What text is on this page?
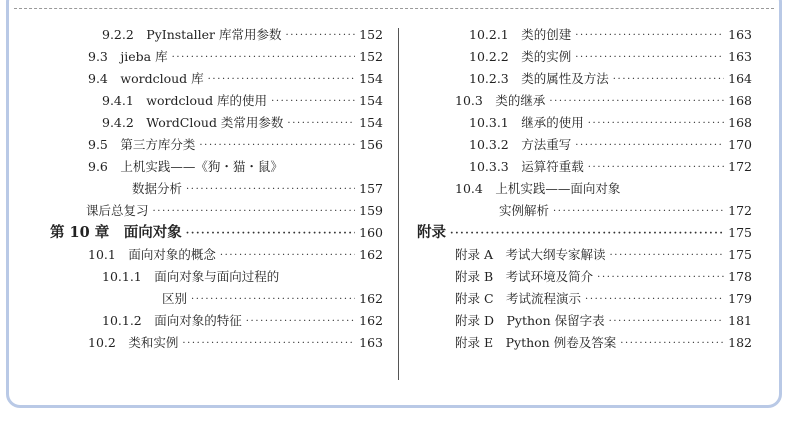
9.2.2　PyInstaller 库常用参数 ·····	152
9.3　jieba 库 ·····	152
9.4　wordcloud 库 ·····	154
9.4.1　wordcloud 库的使用 ·····	154
9.4.2　WordCloud 类常用参数 ·····	154
9.5　第三方库分类 ·····	156
9.6　上机实践——《狗・猫・鼠》
数据分析 ·····	157
课后总复习 ·····	159
第 10 章　面向对象 ·····	160
10.1　面向对象的概念 ·····	162
10.1.1　面向对象与面向过程的
区别 ·····	162
10.1.2　面向对象的特征 ·····	162
10.2　类和实例 ·····	163
10.2.1　类的创建 ·····	163
10.2.2　类的实例 ·····	163
10.2.3　类的属性及方法 ·····	164
10.3　类的继承 ·····	168
10.3.1　继承的使用 ·····	168
10.3.2　方法重写 ·····	170
10.3.3　运算符重载 ·····	172
10.4　上机实践——面向对象
实例解析 ·····	172
附录 ·····	175
附录 A　考试大纲专家解读 ·····	175
附录 B　考试环境及简介 ·····	178
附录 C　考试流程演示 ·····	179
附录 D　Python 保留字表 ·····	181
附录 E　Python 例卷及答案 ·····	182
